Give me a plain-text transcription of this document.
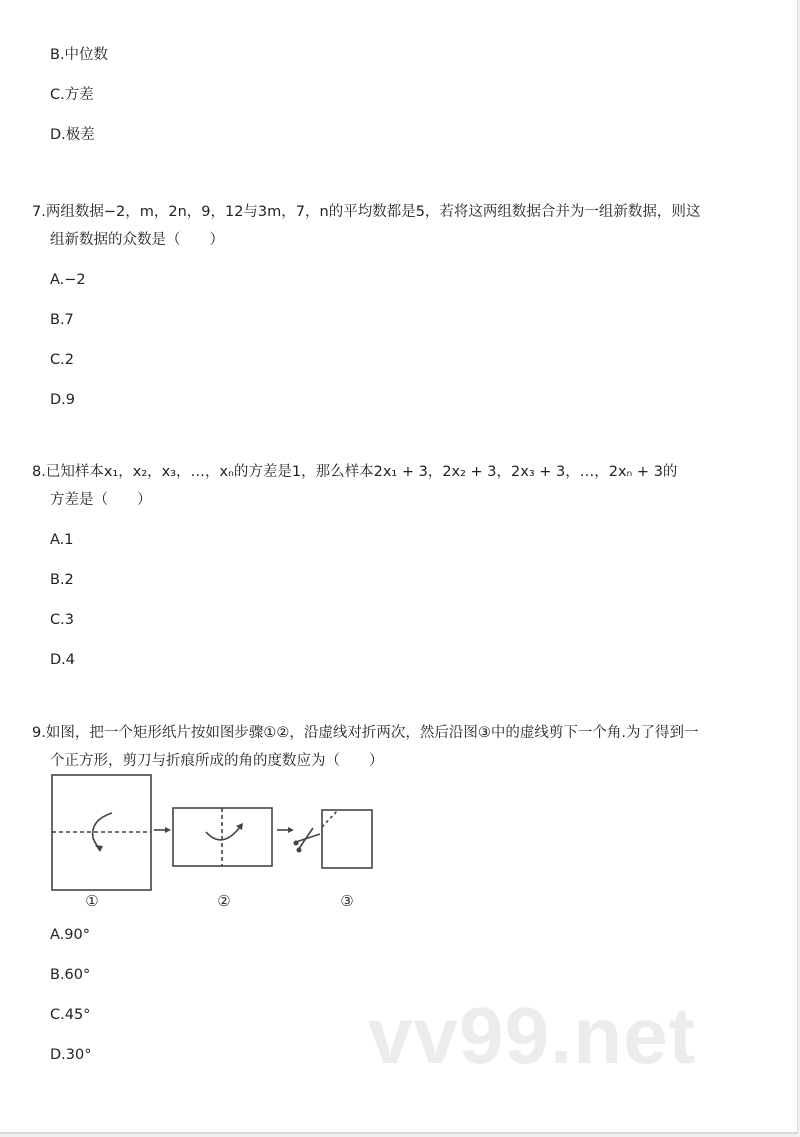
B.中位数
C.方差
D.极差
7.两组数据−2，m，2n，9，12与3m，7，n的平均数都是5，若将这两组数据合并为一组新数据，则这
组新数据的众数是（　　）
A.−2
B.7
C.2
D.9
8.已知样本x₁，x₂，x₃，…，xₙ的方差是1，那么样本2x₁ + 3，2x₂ + 3，2x₃ + 3，…，2xₙ + 3的
方差是（　　）
A.1
B.2
C.3
D.4
9.如图，把一个矩形纸片按如图步骤①②，沿虚线对折两次，然后沿图③中的虚线剪下一个角.为了得到一
个正方形，剪刀与折痕所成的角的度数应为（　　）
①	②	③
A.90°
B.60°
C.45°
D.30°	vv99.net
